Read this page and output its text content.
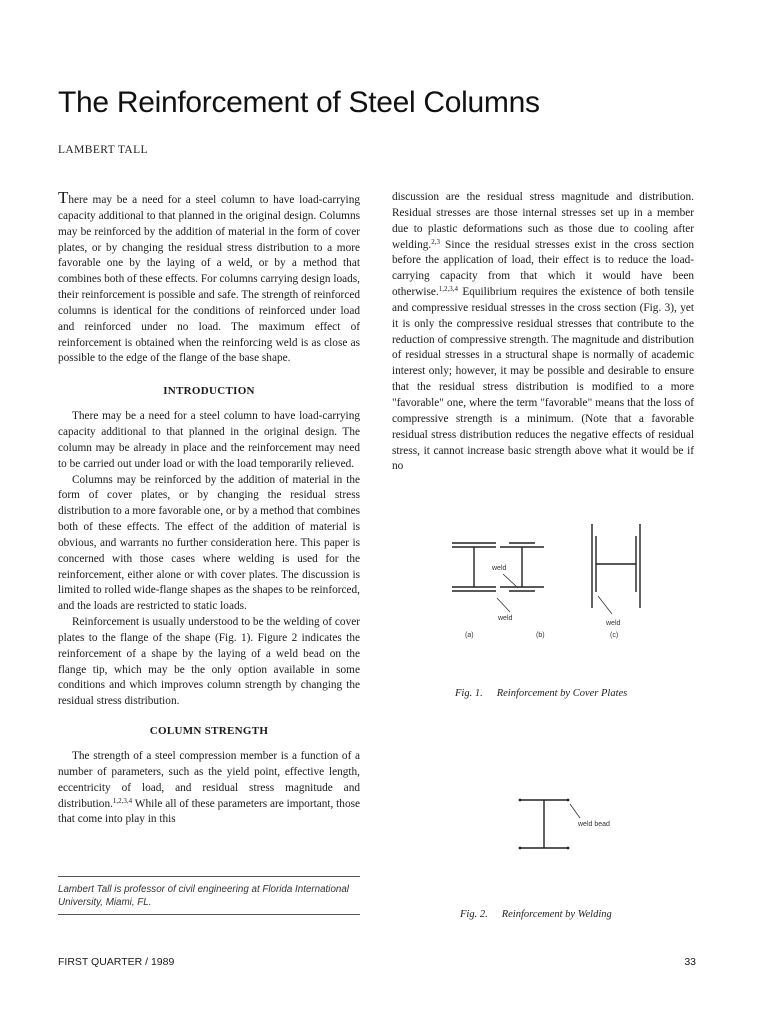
The Reinforcement of Steel Columns
LAMBERT TALL

There may be a need for a steel column to have load-carrying capacity additional to that planned in the original design. Columns may be reinforced by the addition of material in the form of cover plates, or by changing the residual stress distribution to a more favorable one by the laying of a weld, or by a method that combines both of these effects. For columns carrying design loads, their reinforcement is possible and safe. The strength of reinforced columns is identical for the conditions of reinforced under load and reinforced under no load. The maximum effect of reinforcement is obtained when the reinforcing weld is as close as possible to the edge of the flange of the base shape.

INTRODUCTION

There may be a need for a steel column to have load-carrying capacity additional to that planned in the original design. The column may be already in place and the reinforcement may need to be carried out under load or with the load temporarily relieved.

Columns may be reinforced by the addition of material in the form of cover plates, or by changing the residual stress distribution to a more favorable one, or by a method that combines both of these effects. The effect of the addition of material is obvious, and warrants no further consideration here. This paper is concerned with those cases where welding is used for the reinforcement, either alone or with cover plates. The discussion is limited to rolled wide-flange shapes as the shapes to be reinforced, and the loads are restricted to static loads.

Reinforcement is usually understood to be the welding of cover plates to the flange of the shape (Fig. 1). Figure 2 indicates the reinforcement of a shape by the laying of a weld bead on the flange tip, which may be the only option available in some conditions and which improves column strength by changing the residual stress distribution.

COLUMN STRENGTH

The strength of a steel compression member is a function of a number of parameters, such as the yield point, effective length, eccentricity of load, and residual stress magnitude and distribution.$^{1,2,3,4}$ While all of these parameters are important, those that come into play in this

discussion are the residual stress magnitude and distribution. Residual stresses are those internal stresses set up in a member due to plastic deformations such as those due to cooling after welding.$^{2,3}$ Since the residual stresses exist in the cross section before the application of load, their effect is to reduce the load-carrying capacity from that which it would have been otherwise.$^{1,2,3,4}$ Equilibrium requires the existence of both tensile and compressive residual stresses in the cross section (Fig. 3), yet it is only the compressive residual stresses that contribute to the reduction of compressive strength. The magnitude and distribution of residual stresses in a structural shape is normally of academic interest only; however, it may be possible and desirable to ensure that the residual stress distribution is modified to a more "favorable" one, where the term "favorable" means that the loss of compressive strength is a minimum. (Note that a favorable residual stress distribution reduces the negative effects of residual stress, it cannot increase basic strength above what it would be if no

weld
weld
weld
(a)	(b)	(c)
Fig. 1. Reinforcement by Cover Plates
weld bead
Fig. 2. Reinforcement by Welding
Lambert Tall is professor of civil engineering at Florida International University, Miami, FL.
FIRST QUARTER / 1989	33
